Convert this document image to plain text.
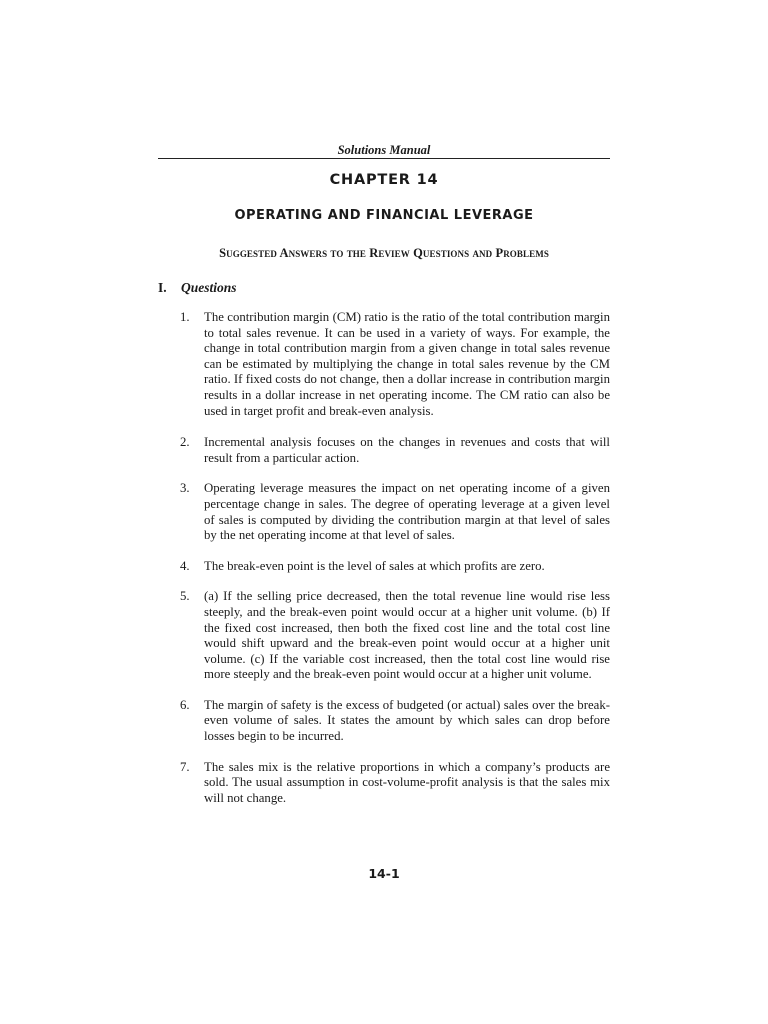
Solutions Manual
CHAPTER 14
OPERATING AND FINANCIAL LEVERAGE
Suggested Answers to the Review Questions and Problems
I. Questions
1.	The contribution margin (CM) ratio is the ratio of the total contribution margin to total sales revenue. It can be used in a variety of ways. For example, the change in total contribution margin from a given change in total sales revenue can be estimated by multiplying the change in total sales revenue by the CM ratio. If fixed costs do not change, then a dollar increase in contribution margin results in a dollar increase in net operating income. The CM ratio can also be used in target profit and break-even analysis.
2.	Incremental analysis focuses on the changes in revenues and costs that will result from a particular action.
3.	Operating leverage measures the impact on net operating income of a given percentage change in sales. The degree of operating leverage at a given level of sales is computed by dividing the contribution margin at that level of sales by the net operating income at that level of sales.
4.	The break-even point is the level of sales at which profits are zero.
5.	(a) If the selling price decreased, then the total revenue line would rise less steeply, and the break-even point would occur at a higher unit volume. (b) If the fixed cost increased, then both the fixed cost line and the total cost line would shift upward and the break-even point would occur at a higher unit volume. (c) If the variable cost increased, then the total cost line would rise more steeply and the break-even point would occur at a higher unit volume.
6.	The margin of safety is the excess of budgeted (or actual) sales over the break-even volume of sales. It states the amount by which sales can drop before losses begin to be incurred.
7.	The sales mix is the relative proportions in which a company’s products are sold. The usual assumption in cost-volume-profit analysis is that the sales mix will not change.
14-1
